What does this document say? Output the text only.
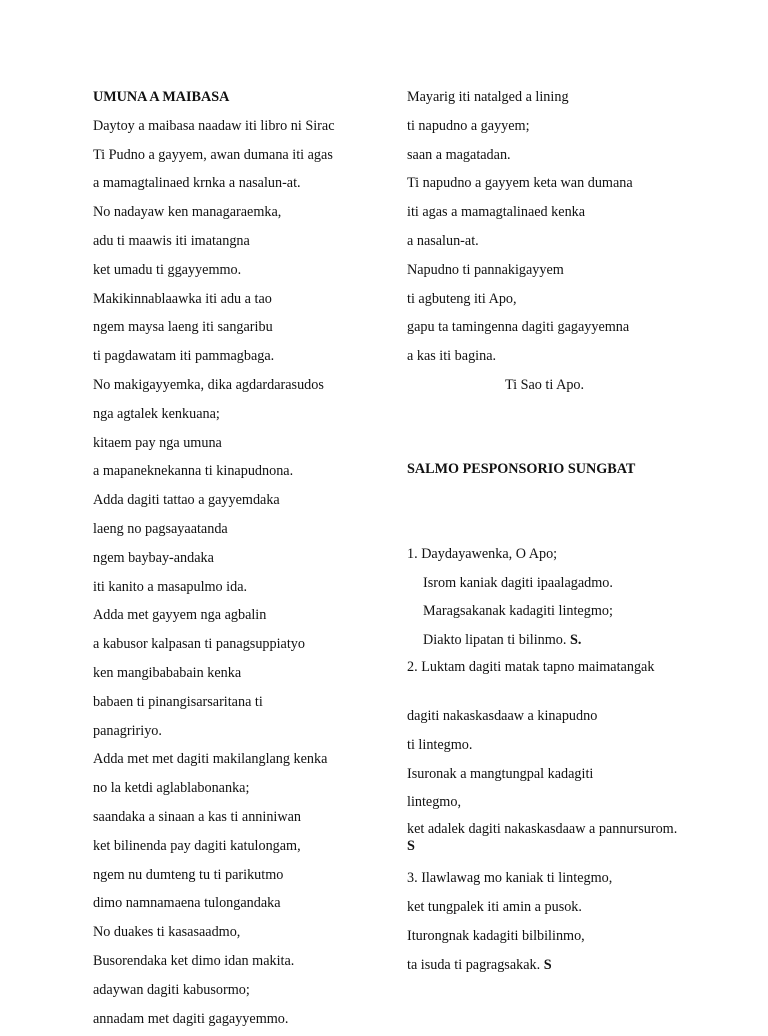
UMUNA A MAIBASA
Daytoy a maibasa naadaw iti libro ni Sirac
Ti Pudno a gayyem, awan dumana iti agas
a mamagtalinaed krnka a nasalun-at.
No nadayaw ken managaraemka,
adu ti maawis iti imatangna
ket umadu ti ggayyemmo.
Makikinnablaawka iti adu a tao
ngem maysa laeng iti sangaribu
ti pagdawatam iti pammagbaga.
No makigayyemka, dika agdardarasudos
nga agtalek kenkuana;
kitaem pay nga umuna
a mapaneknekanna ti kinapudnona.
Adda dagiti tattao a gayyemdaka
laeng no pagsayaatanda
ngem baybay-andaka
iti kanito a masapulmo ida.
Adda met gayyem nga agbalin
a kabusor kalpasan ti panagsuppiatyo
ken mangibababain kenka
babaen ti pinangisarsaritana ti
panagririyo.
Adda met met dagiti makilanglang kenka
no la ketdi aglablabonanka;
saandaka a sinaan a kas ti anniniwan
ket bilinenda pay dagiti katulongam,
ngem nu dumteng tu ti parikutmo
dimo namnamaena tulongandaka
No duakes ti kasasaadmo,
Busorendaka ket dimo idan makita.
adaywan dagiti kabusormo;
annadam met dagiti gagayyemmo.
Mayarig iti natalged a lining
ti napudno a gayyem;
saan a magatadan.
Ti napudno a gayyem keta wan dumana
iti agas a mamagtalinaed kenka
a nasalun-at.
Napudno ti pannakigayyem
ti agbuteng iti Apo,
gapu ta tamingenna dagiti gagayyemna
a kas iti bagina.
Ti Sao ti Apo.
SALMO PESPONSORIO SUNGBAT
1. Daydayawenka, O Apo;
Isrom kaniak dagiti ipaalagadmo.
Maragsakanak kadagiti lintegmo;
Diakto lipatan ti bilinmo. S.
2. Luktam dagiti matak tapno maimatangak
dagiti nakaskasdaaw a kinapudno
ti lintegmo.
Isuronak a mangtungpal kadagiti
lintegmo,
ket adalek dagiti nakaskasdaaw a pannursurom. S
3. Ilawlawag mo kaniak ti lintegmo,
ket tungpalek iti amin a pusok.
Iturongnak kadagiti bilbilinmo,
ta isuda ti pagragsakak. S
